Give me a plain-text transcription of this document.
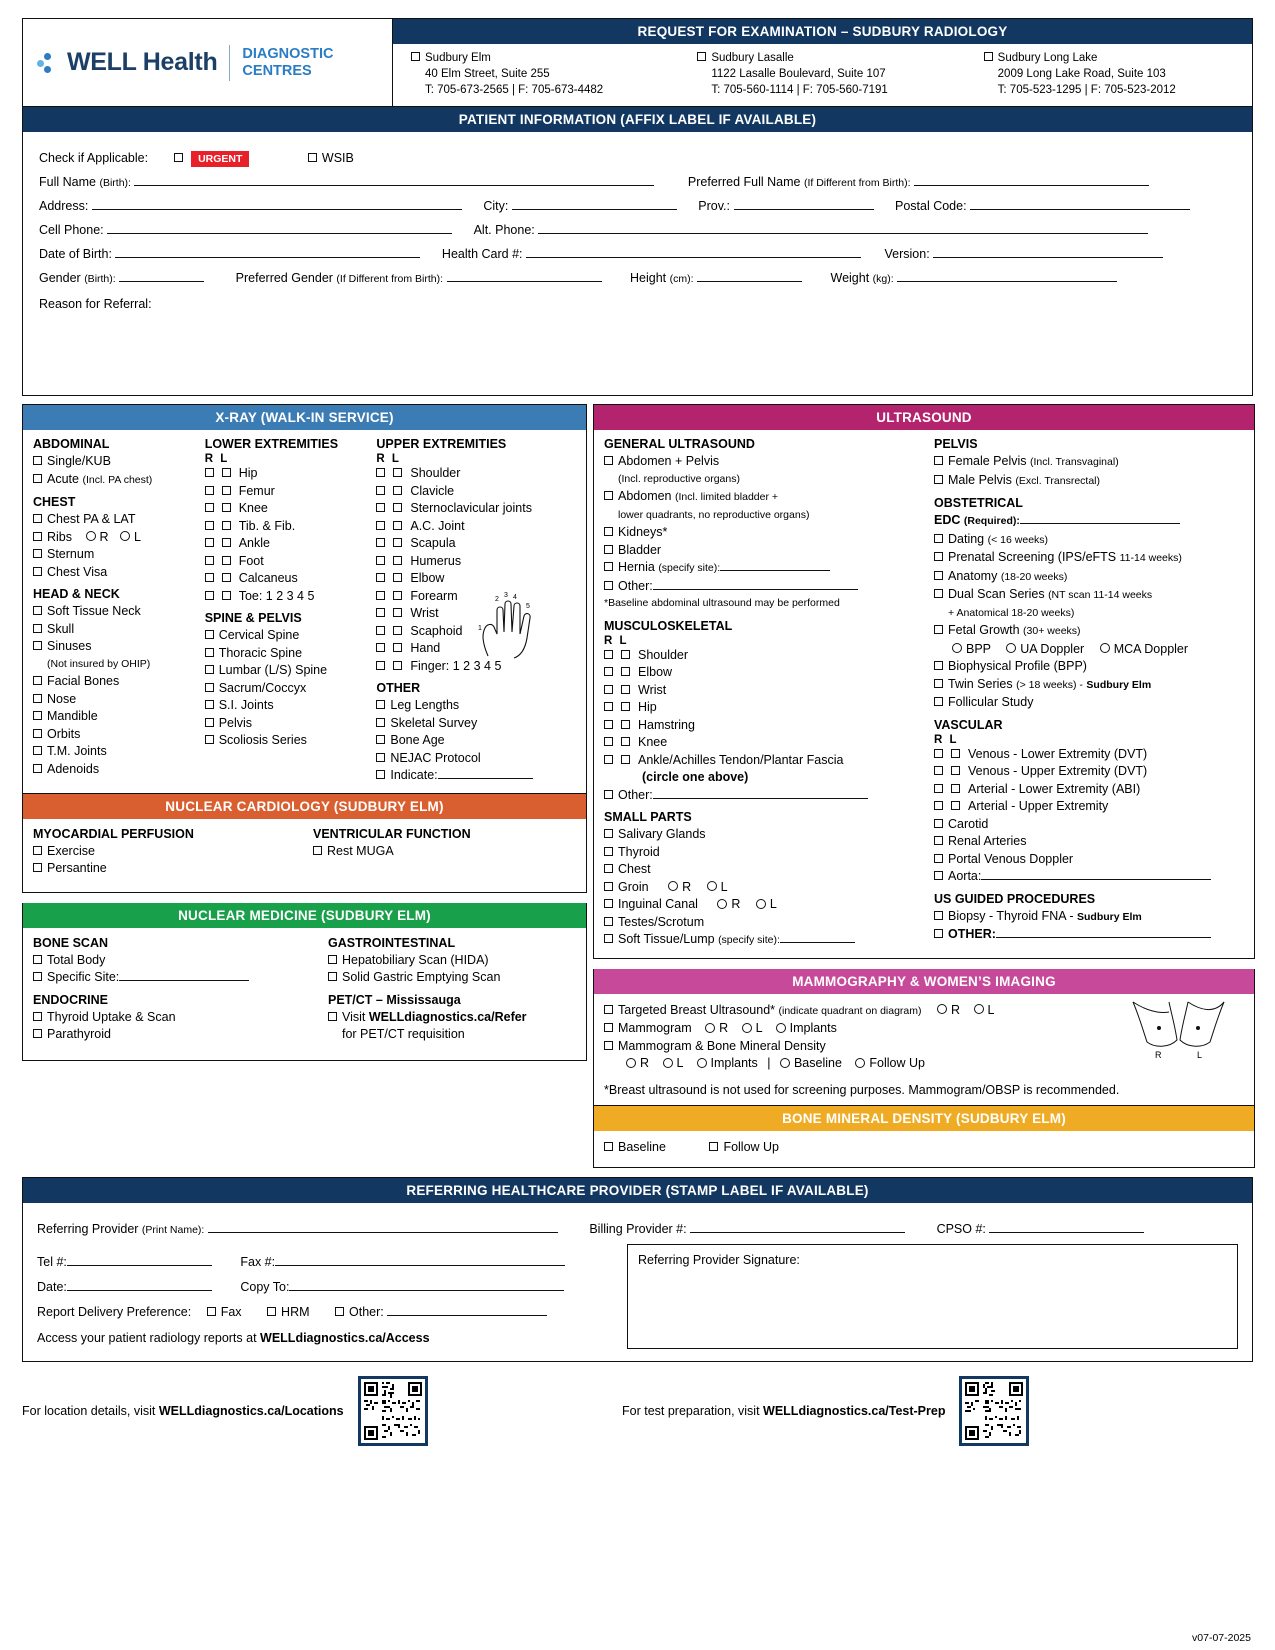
WELL Health DIAGNOSTIC
CENTRES
REQUEST FOR EXAMINATION – SUDBURY RADIOLOGY
Sudbury Elm
40 Elm Street, Suite 255
T: 705-673-2565 | F: 705-673-4482
Sudbury Lasalle
1122 Lasalle Boulevard, Suite 107
T: 705-560-1114 | F: 705-560-7191
Sudbury Long Lake
2009 Long Lake Road, Suite 103
T: 705-523-1295 | F: 705-523-2012
PATIENT INFORMATION (AFFIX LABEL IF AVAILABLE)
Check if Applicable:	URGENT	WSIB
Full Name (Birth):	Preferred Full Name (If Different from Birth):
Address:	City:	Prov.:	Postal Code:
Cell Phone:	Alt. Phone:
Date of Birth:	Health Card #:	Version:
Gender (Birth):	Preferred Gender (If Different from Birth):	Height (cm):	Weight (kg):
Reason for Referral:
X-RAY (WALK-IN SERVICE)
ABDOMINAL
Single/KUB
Acute (Incl. PA chest)
CHEST
Chest PA & LAT
Ribs R L
Sternum
Chest Visa
HEAD & NECK
Soft Tissue Neck
Skull
Sinuses
(Not insured by OHIP)
Facial Bones
Nose
Mandible
Orbits
T.M. Joints
Adenoids
LOWER EXTREMITIES
R L
Hip
Femur
Knee
Tib. & Fib.
Ankle
Foot
Calcaneus
Toe: 1 2 3 4 5
SPINE & PELVIS
Cervical Spine
Thoracic Spine
Lumbar (L/S) Spine
Sacrum/Coccyx
S.I. Joints
Pelvis
Scoliosis Series
UPPER EXTREMITIES
R L
Shoulder
Clavicle
Sternoclavicular joints
A.C. Joint
Scapula
Humerus
Elbow
Forearm
Wrist
Scaphoid
Hand
Finger: 1 2 3 4 5
OTHER
Leg Lengths
Skeletal Survey
Bone Age
NEJAC Protocol
Indicate:
2
3 4
5
1
NUCLEAR CARDIOLOGY (SUDBURY ELM)
MYOCARDIAL PERFUSION
Exercise
Persantine
VENTRICULAR FUNCTION
Rest MUGA
NUCLEAR MEDICINE (SUDBURY ELM)
BONE SCAN
Total Body
Specific Site:
ENDOCRINE
Thyroid Uptake & Scan
Parathyroid
GASTROINTESTINAL
Hepatobiliary Scan (HIDA)
Solid Gastric Emptying Scan
PET/CT – Mississauga
Visit WELLdiagnostics.ca/Refer
for PET/CT requisition
ULTRASOUND
GENERAL ULTRASOUND
Abdomen + Pelvis
(Incl. reproductive organs)
Abdomen (Incl. limited bladder +
lower quadrants, no reproductive organs)
Kidneys*
Bladder
Hernia (specify site):
Other:
*Baseline abdominal ultrasound may be performed
MUSCULOSKELETAL
R L
Shoulder
Elbow
Wrist
Hip
Hamstring
Knee
Ankle/Achilles Tendon/Plantar Fascia
(circle one above)
Other:
SMALL PARTS
Salivary Glands
Thyroid
Chest
Groin	R L
Inguinal Canal	R L
Testes/Scrotum
Soft Tissue/Lump (specify site):
PELVIS
Female Pelvis (Incl. Transvaginal)
Male Pelvis (Excl. Transrectal)
OBSTETRICAL
EDC (Required):
Dating (< 16 weeks)
Prenatal Screening (IPS/eFTS 11-14 weeks)
Anatomy (18-20 weeks)
Dual Scan Series (NT scan 11-14 weeks
+ Anatomical 18-20 weeks)
Fetal Growth (30+ weeks)
BPP UA Doppler MCA Doppler
Biophysical Profile (BPP)
Twin Series (> 18 weeks) - Sudbury Elm
Follicular Study
VASCULAR
R L
Venous - Lower Extremity (DVT)
Venous - Upper Extremity (DVT)
Arterial - Lower Extremity (ABI)
Arterial - Upper Extremity
Carotid
Renal Arteries
Portal Venous Doppler
Aorta:
US GUIDED PROCEDURES
Biopsy - Thyroid FNA - Sudbury Elm
OTHER:
MAMMOGRAPHY & WOMEN’S IMAGING
Targeted Breast Ultrasound* (indicate quadrant on diagram) R L
Mammogram R L Implants
Mammogram & Bone Mineral Density
R L Implants | Baseline Follow Up
*Breast ultrasound is not used for screening purposes. Mammogram/OBSP is recommended.
R	L
BONE MINERAL DENSITY (SUDBURY ELM)
Baseline	Follow Up
REFERRING HEALTHCARE PROVIDER (STAMP LABEL IF AVAILABLE)
Referring Provider (Print Name):	Billing Provider #:	CPSO #:
Tel #:	Fax #:
Date:	Copy To:
Report Delivery Preference: Fax	HRM	Other:
Access your patient radiology reports at WELLdiagnostics.ca/Access
Referring Provider Signature:
For location details, visit WELLdiagnostics.ca/Locations	For test preparation, visit WELLdiagnostics.ca/Test-Prep
v07-07-2025
